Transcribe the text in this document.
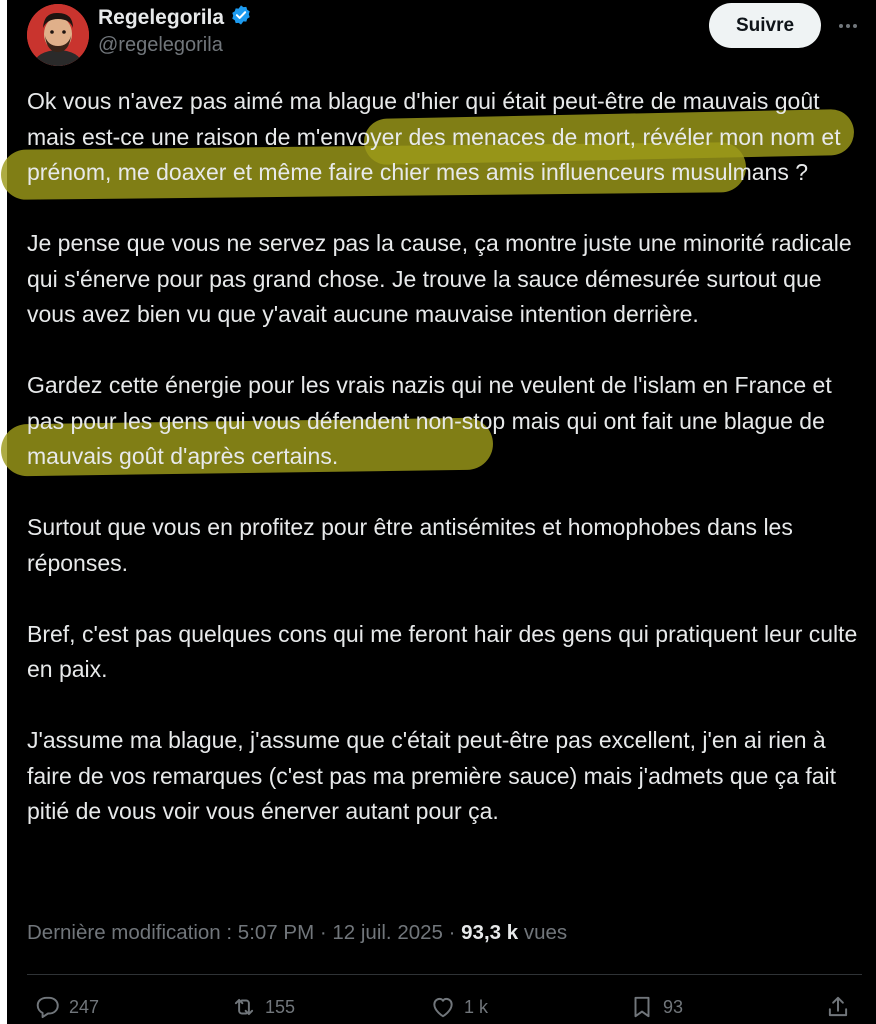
Regelegorila
@regelegorila
Suivre

Ok vous n'avez pas aimé ma blague d'hier qui était peut-être de mauvais goût mais est-ce une raison de m'envoyer des menaces de mort, révéler mon nom et prénom, me doaxer et même faire chier mes amis influenceurs musulmans ?

Je pense que vous ne servez pas la cause, ça montre juste une minorité radicale qui s'énerve pour pas grand chose. Je trouve la sauce démesurée surtout que vous avez bien vu que y'avait aucune mauvaise intention derrière.

Gardez cette énergie pour les vrais nazis qui ne veulent de l'islam en France et pas pour les gens qui vous défendent non-stop mais qui ont fait une blague de mauvais goût d'après certains.

Surtout que vous en profitez pour être antisémites et homophobes dans les réponses.

Bref, c'est pas quelques cons qui me feront hair des gens qui pratiquent leur culte en paix.

J'assume ma blague, j'assume que c'était peut-être pas excellent, j'en ai rien à faire de vos remarques (c'est pas ma première sauce) mais j'admets que ça fait pitié de vous voir vous énerver autant pour ça.

Dernière modification : 5:07 PM · 12 juil. 2025 · 93,3 k vues
247	155	1 k	93
